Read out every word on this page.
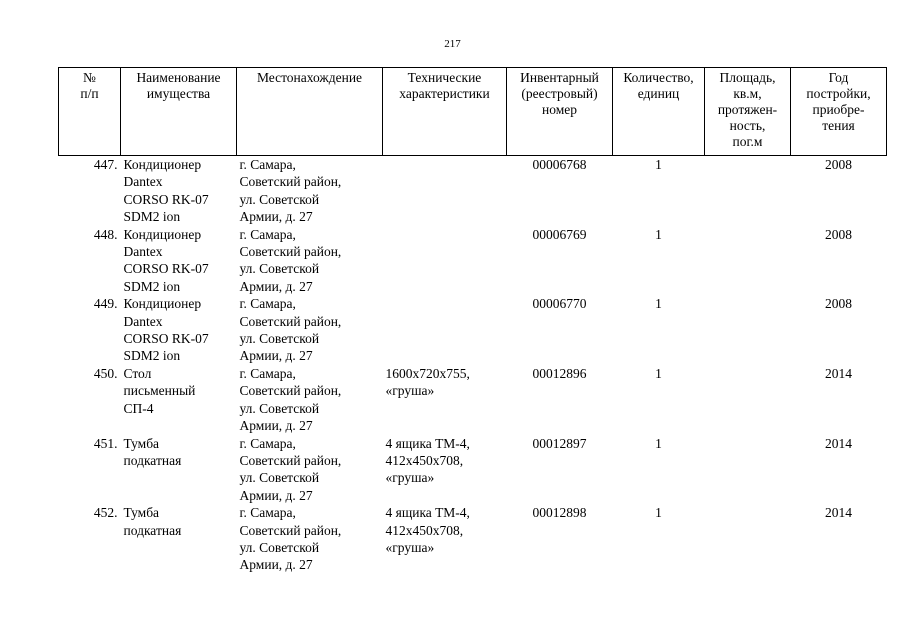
217
№
п/п	Наименование
имущества	Местонахождение	Технические
характеристики	Инвентарный
(реестровый)
номер	Количество,
единиц	Площадь,
кв.м,
протяжен-
ность,
пог.м	Год
постройки,
приобре-
тения

447.	Кондиционер
Dantex
CORSO RK-07
SDM2 ion	г. Самара,
Советский район,
ул. Советской
Армии, д. 27		00006768	1		2008
448.	Кондиционер
Dantex
CORSO RK-07
SDM2 ion	г. Самара,
Советский район,
ул. Советской
Армии, д. 27		00006769	1		2008
449.	Кондиционер
Dantex
CORSO RK-07
SDM2 ion	г. Самара,
Советский район,
ул. Советской
Армии, д. 27		00006770	1		2008
450.	Стол
письменный
СП-4	г. Самара,
Советский район,
ул. Советской
Армии, д. 27	1600x720x755,
«груша»	00012896	1		2014
451.	Тумба
подкатная	г. Самара,
Советский район,
ул. Советской
Армии, д. 27	4 ящика ТМ-4,
412x450x708,
«груша»	00012897	1		2014
452.	Тумба
подкатная	г. Самара,
Советский район,
ул. Советской
Армии, д. 27	4 ящика ТМ-4,
412x450x708,
«груша»	00012898	1		2014
